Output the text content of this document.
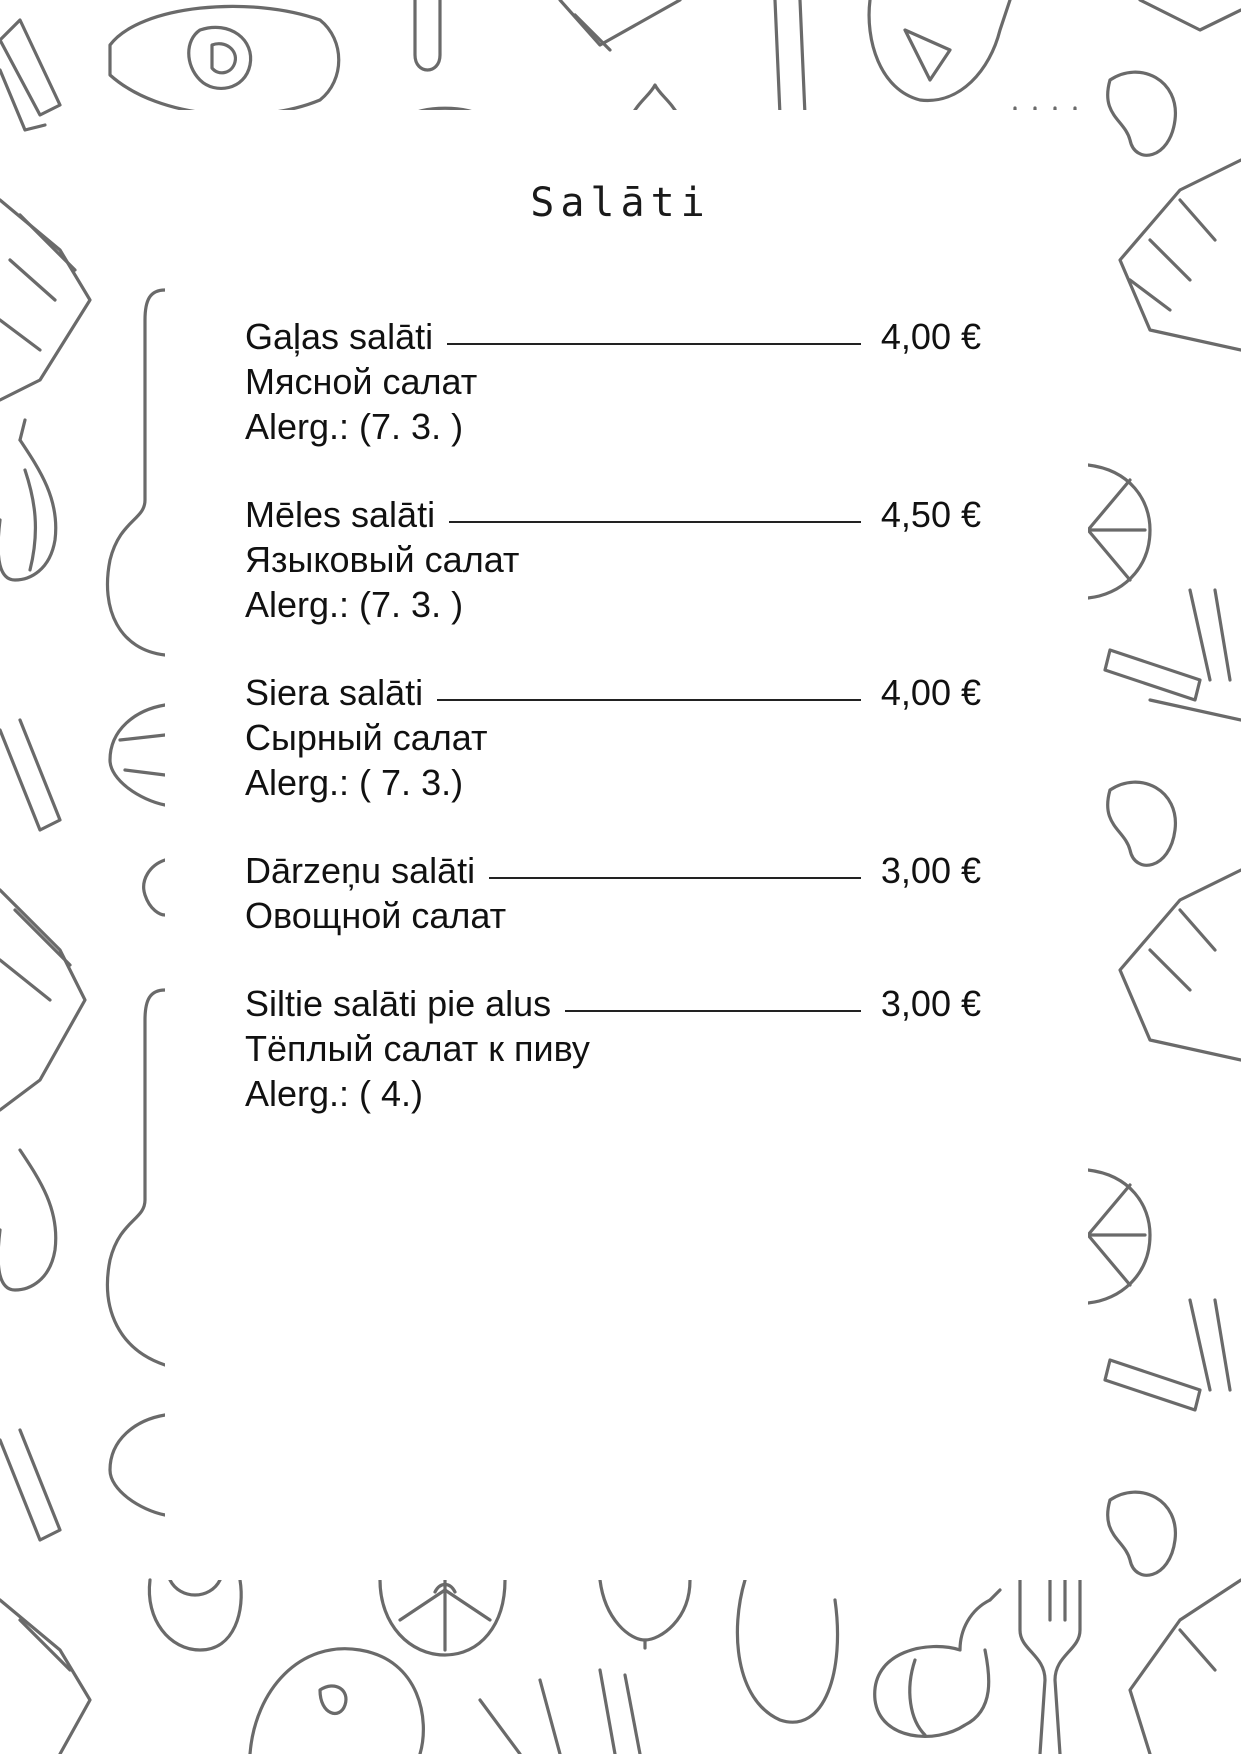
Salāti
Gaļas salāti	4,00 €
Мясной салат
Alerg.: (7. 3. )
Mēles salāti	4,50 €
Языковый салат
Alerg.: (7. 3. )
Siera salāti	4,00 €
Сырный салат
Alerg.: ( 7. 3.)
Dārzeņu salāti	3,00 €
Овощной салат
Siltie salāti pie alus	3,00 €
Тёплый салат к пиву
Alerg.: ( 4.)
